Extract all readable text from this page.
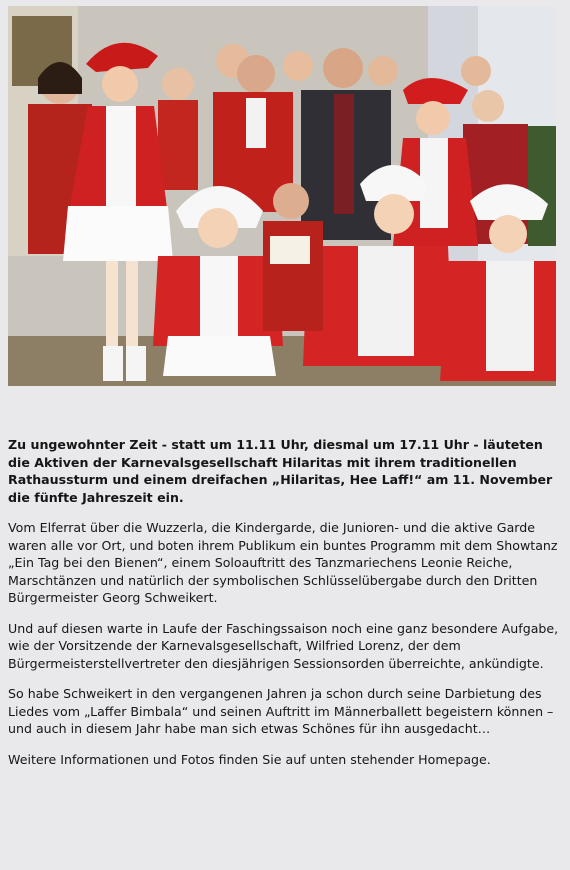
Zu ungewohnter Zeit - statt um 11.11 Uhr, diesmal um 17.11 Uhr - läuteten die Aktiven der Karnevalsgesellschaft Hilaritas mit ihrem traditionellen Rathaussturm und einem dreifachen „Hilaritas, Hee Laff!“ am 11. November die fünfte Jahreszeit ein.

Vom Elferrat über die Wuzzerla, die Kindergarde, die Junioren- und die aktive Garde waren alle vor Ort, und boten ihrem Publikum ein buntes Programm mit dem Showtanz „Ein Tag bei den Bienen“, einem Soloauftritt des Tanzmariechens Leonie Reiche, Marschtänzen und natürlich der symbolischen Schlüsselübergabe durch den Dritten Bürgermeister Georg Schweikert.

Und auf diesen warte in Laufe der Faschingssaison noch eine ganz besondere Aufgabe, wie der Vorsitzende der Karnevalsgesellschaft, Wilfried Lorenz, der dem Bürgermeisterstellvertreter den diesjährigen Sessionsorden überreichte, ankündigte.

So habe Schweikert in den vergangenen Jahren ja schon durch seine Darbietung des Liedes vom „Laffer Bimbala“ und seinen Auftritt im Männerballett begeistern können – und auch in diesem Jahr habe man sich etwas Schönes für ihn ausgedacht…

Weitere Informationen und Fotos finden Sie auf unten stehender Homepage.
